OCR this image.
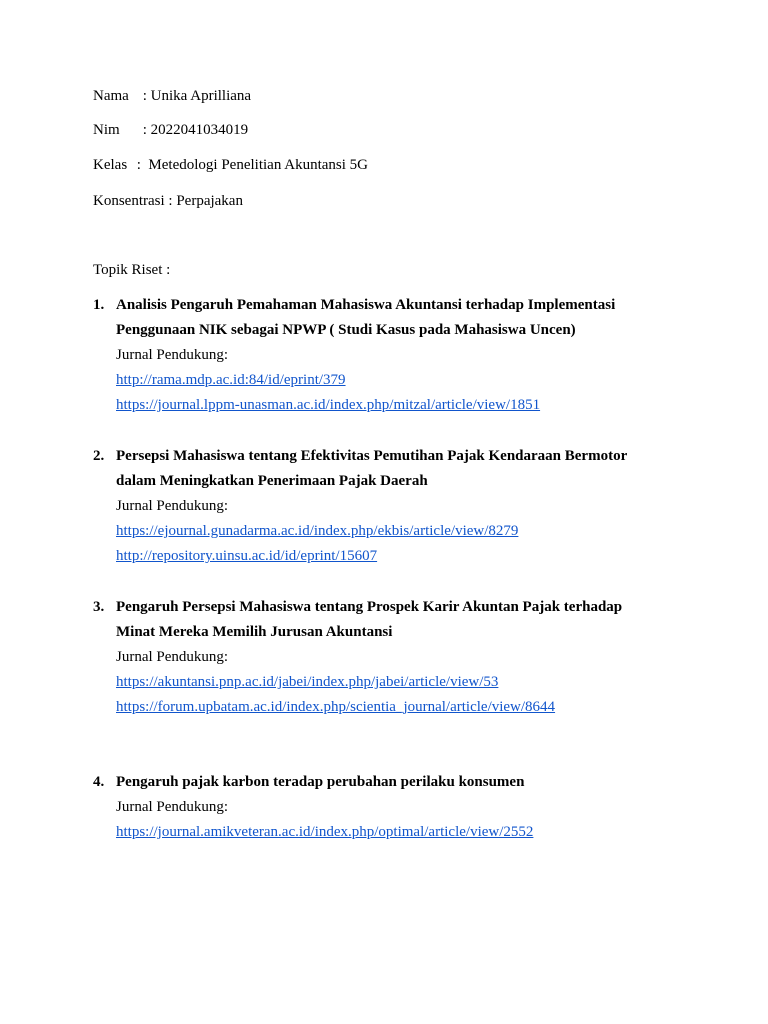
Nama : Unika Aprilliana
Nim : 2022041034019
Kelas :  Metedologi Penelitian Akuntansi 5G
Konsentrasi : Perpajakan
Topik Riset :
1. Analisis Pengaruh Pemahaman Mahasiswa Akuntansi terhadap Implementasi
Penggunaan NIK sebagai NPWP ( Studi Kasus pada Mahasiswa Uncen)
Jurnal Pendukung:
http://rama.mdp.ac.id:84/id/eprint/379
https://journal.lppm-unasman.ac.id/index.php/mitzal/article/view/1851
2. Persepsi Mahasiswa tentang Efektivitas Pemutihan Pajak Kendaraan Bermotor
dalam Meningkatkan Penerimaan Pajak Daerah
Jurnal Pendukung:
https://ejournal.gunadarma.ac.id/index.php/ekbis/article/view/8279
http://repository.uinsu.ac.id/id/eprint/15607
3. Pengaruh Persepsi Mahasiswa tentang Prospek Karir Akuntan Pajak terhadap
Minat Mereka Memilih Jurusan Akuntansi
Jurnal Pendukung:
https://akuntansi.pnp.ac.id/jabei/index.php/jabei/article/view/53
https://forum.upbatam.ac.id/index.php/scientia_journal/article/view/8644
4. Pengaruh pajak karbon teradap perubahan perilaku konsumen
Jurnal Pendukung:
https://journal.amikveteran.ac.id/index.php/optimal/article/view/2552
